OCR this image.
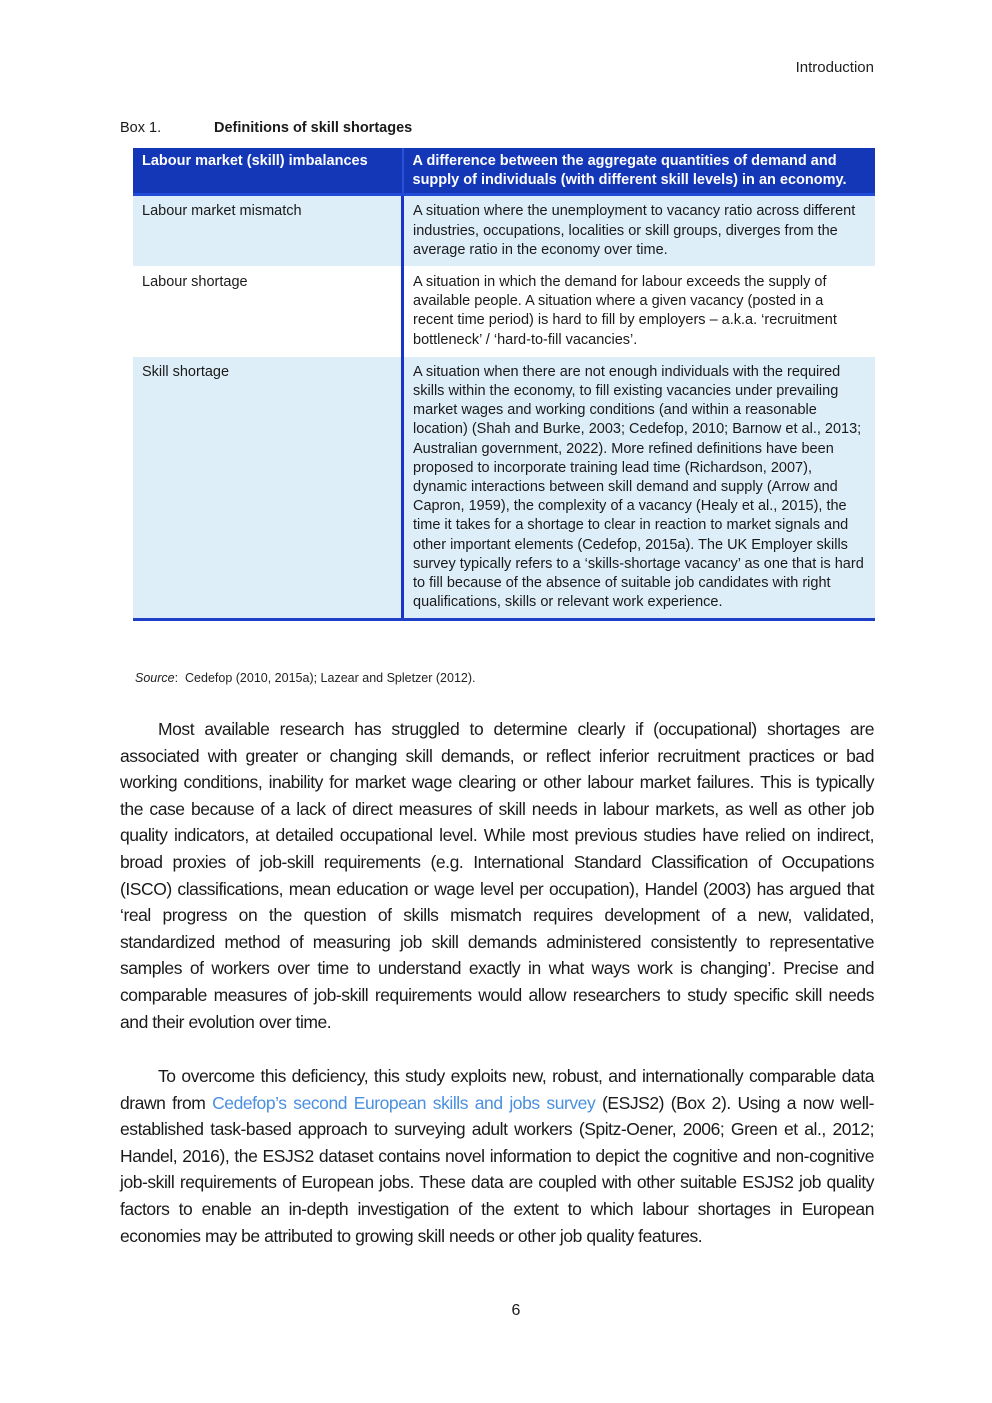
Introduction
Box 1.	Definitions of skill shortages
Labour market (skill) imbalances	A difference between the aggregate quantities of demand and supply of individuals (with different skill levels) in an economy.
Labour market mismatch	A situation where the unemployment to vacancy ratio across different industries, occupations, localities or skill groups, diverges from the average ratio in the economy over time.
Labour shortage	A situation in which the demand for labour exceeds the supply of available people. A situation where a given vacancy (posted in a recent time period) is hard to fill by employers – a.k.a. ‘recruitment bottleneck’ / ‘hard-to-fill vacancies’.
Skill shortage	A situation when there are not enough individuals with the required skills within the economy, to fill existing vacancies under prevailing market wages and working conditions (and within a reasonable location) (Shah and Burke, 2003; Cedefop, 2010; Barnow et al., 2013; Australian government, 2022). More refined definitions have been proposed to incorporate training lead time (Richardson, 2007), dynamic interactions between skill demand and supply (Arrow and Capron, 1959), the complexity of a vacancy (Healy et al., 2015), the time it takes for a shortage to clear in reaction to market signals and other important elements (Cedefop, 2015a). The UK Employer skills survey typically refers to a ‘skills-shortage vacancy’ as one that is hard to fill because of the absence of suitable job candidates with right qualifications, skills or relevant work experience.
Source:  Cedefop (2010, 2015a); Lazear and Spletzer (2012).

Most available research has struggled to determine clearly if (occupational) shortages are associated with greater or changing skill demands, or reflect inferior recruitment practices or bad working conditions, inability for market wage clearing or other labour market failures. This is typically the case because of a lack of direct measures of skill needs in labour markets, as well as other job quality indicators, at detailed occupational level. While most previous studies have relied on indirect, broad proxies of job-skill requirements (e.g. International Standard Classification of Occupations (ISCO) classifications, mean education or wage level per occupation), Handel (2003) has argued that ‘real progress on the question of skills mismatch requires development of a new, validated, standardized method of measuring job skill demands administered consistently to representative samples of workers over time to understand exactly in what ways work is changing’. Precise and comparable measures of job-skill requirements would allow researchers to study specific skill needs and their evolution over time.

To overcome this deficiency, this study exploits new, robust, and internationally comparable data drawn from Cedefop’s second European skills and jobs survey (ESJS2) (Box 2). Using a now well-established task-based approach to surveying adult workers (Spitz-Oener, 2006; Green et al., 2012; Handel, 2016), the ESJS2 dataset contains novel information to depict the cognitive and non-cognitive job-skill requirements of European jobs. These data are coupled with other suitable ESJS2 job quality factors to enable an in-depth investigation of the extent to which labour shortages in European economies may be attributed to growing skill needs or other job quality features.

6
